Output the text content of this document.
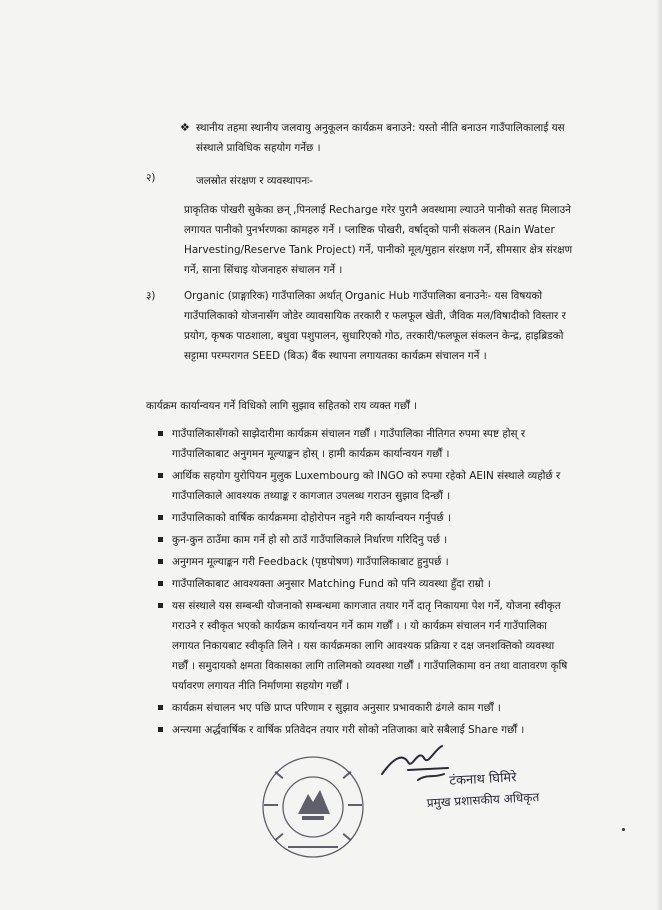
❖ स्थानीय तहमा स्थानीय जलवायु अनुकूलन कार्यक्रम बनाउने: यस्तो नीति बनाउन गाउँपालिकालाई यस संस्थाले प्राविधिक सहयोग गर्नेछ ।
२)	जलस्रोत संरक्षण र व्यवस्थापनः-
प्राकृतिक पोखरी सुकेका छन् ,पिनलाई Recharge गरेर पुरानै अवस्थामा ल्याउने पानीको सतह मिलाउने लगायत पानीको पुनर्भरणका कामहरु गर्ने । प्लाष्टिक पोखरी, वर्षाद्को पानी संकलन (Rain Water Harvesting/Reserve Tank Project) गर्ने, पानीको मूल/मुहान संरक्षण गर्ने, सीमसार क्षेत्र संरक्षण गर्ने, साना सिंचाइ योजनाहरु संचालन गर्ने ।
३)	Organic (प्राङ्गारिक) गाउँपालिका अर्थात् Organic Hub गाउँपालिका बनाउनेः- यस विषयको गाउँपालिकाको योजनासँग जोडेर व्यावसायिक तरकारी र फलफूल खेती, जैविक मल/विषादीको विस्तार र प्रयोग, कृषक पाठशाला, बधुवा पशुपालन, सुधारिएको गोठ, तरकारी/फलफूल संकलन केन्द्र, हाइब्रिडको सट्टामा परम्परागत SEED (बिऊ) बैंक स्थापना लगायतका कार्यक्रम संचालन गर्ने ।
कार्यक्रम कार्यान्वयन गर्ने विधिको लागि सुझाव सहितको राय व्यक्त गर्छौं ।
गाउँपालिकासँगको साझेदारीमा कार्यक्रम संचालन गर्छौं । गाउँपालिका नीतिगत रुपमा स्पष्ट होस् र गाउँपालिकाबाट अनुगमन मूल्याङ्कन होस् । हामी कार्यक्रम कार्यान्वयन गर्छौं ।
आर्थिक सहयोग युरोपियन मुलुक Luxembourg को INGO को रुपमा रहेको AEIN संस्थाले व्यहोर्छ र गाउँपालिकाले आवश्यक तथ्याङ्क र कागजात उपलब्ध गराउन सुझाव दिन्छौं ।
गाउँपालिकाको वार्षिक कार्यक्रममा दोहोरोपन नहुने गरी कार्यान्वयन गर्नुपर्छ ।
कुन-कुन ठाउँमा काम गर्ने हो सो ठाउँ गाउँपालिकाले निर्धारण गरिदिनु पर्छ ।
अनुगमन मूल्याङ्कन गरी Feedback (पृष्ठपोषण) गाउँपालिकाबाट हुनुपर्छ ।
गाउँपालिकाबाट आवश्यक्ता अनुसार Matching Fund को पनि व्यवस्था हुँदा राम्रो ।
यस संस्थाले यस सम्बन्धी योजनाको सम्बन्धमा कागजात तयार गर्ने दातृ निकायमा पेश गर्ने, योजना स्वीकृत गराउने र स्वीकृत भएको कार्यक्रम कार्यान्वयन गर्ने काम गर्छौं । । यो कार्यक्रम संचालन गर्न गाउँपालिका लगायत निकायबाट स्वीकृति लिने । यस कार्यक्रमका लागि आवश्यक प्रक्रिया र दक्ष जनशक्तिको व्यवस्था गर्छौं । समुदायको क्षमता विकासका लागि तालिमको व्यवस्था गर्छौं । गाउँपालिकामा वन तथा वातावरण कृषि पर्यावरण लगायत नीति निर्माणमा सहयोग गर्छौं ।
कार्यक्रम संचालन भए पछि प्राप्त परिणाम र सुझाव अनुसार प्रभावकारी ढंगले काम गर्छौं ।
अन्त्यमा अर्द्धवार्षिक र वार्षिक प्रतिवेदन तयार गरी सोको नतिजाका बारे सबैलाई Share गर्छौं ।
टंकनाथ घिमिरे
प्रमुख प्रशासकीय अधिकृत
